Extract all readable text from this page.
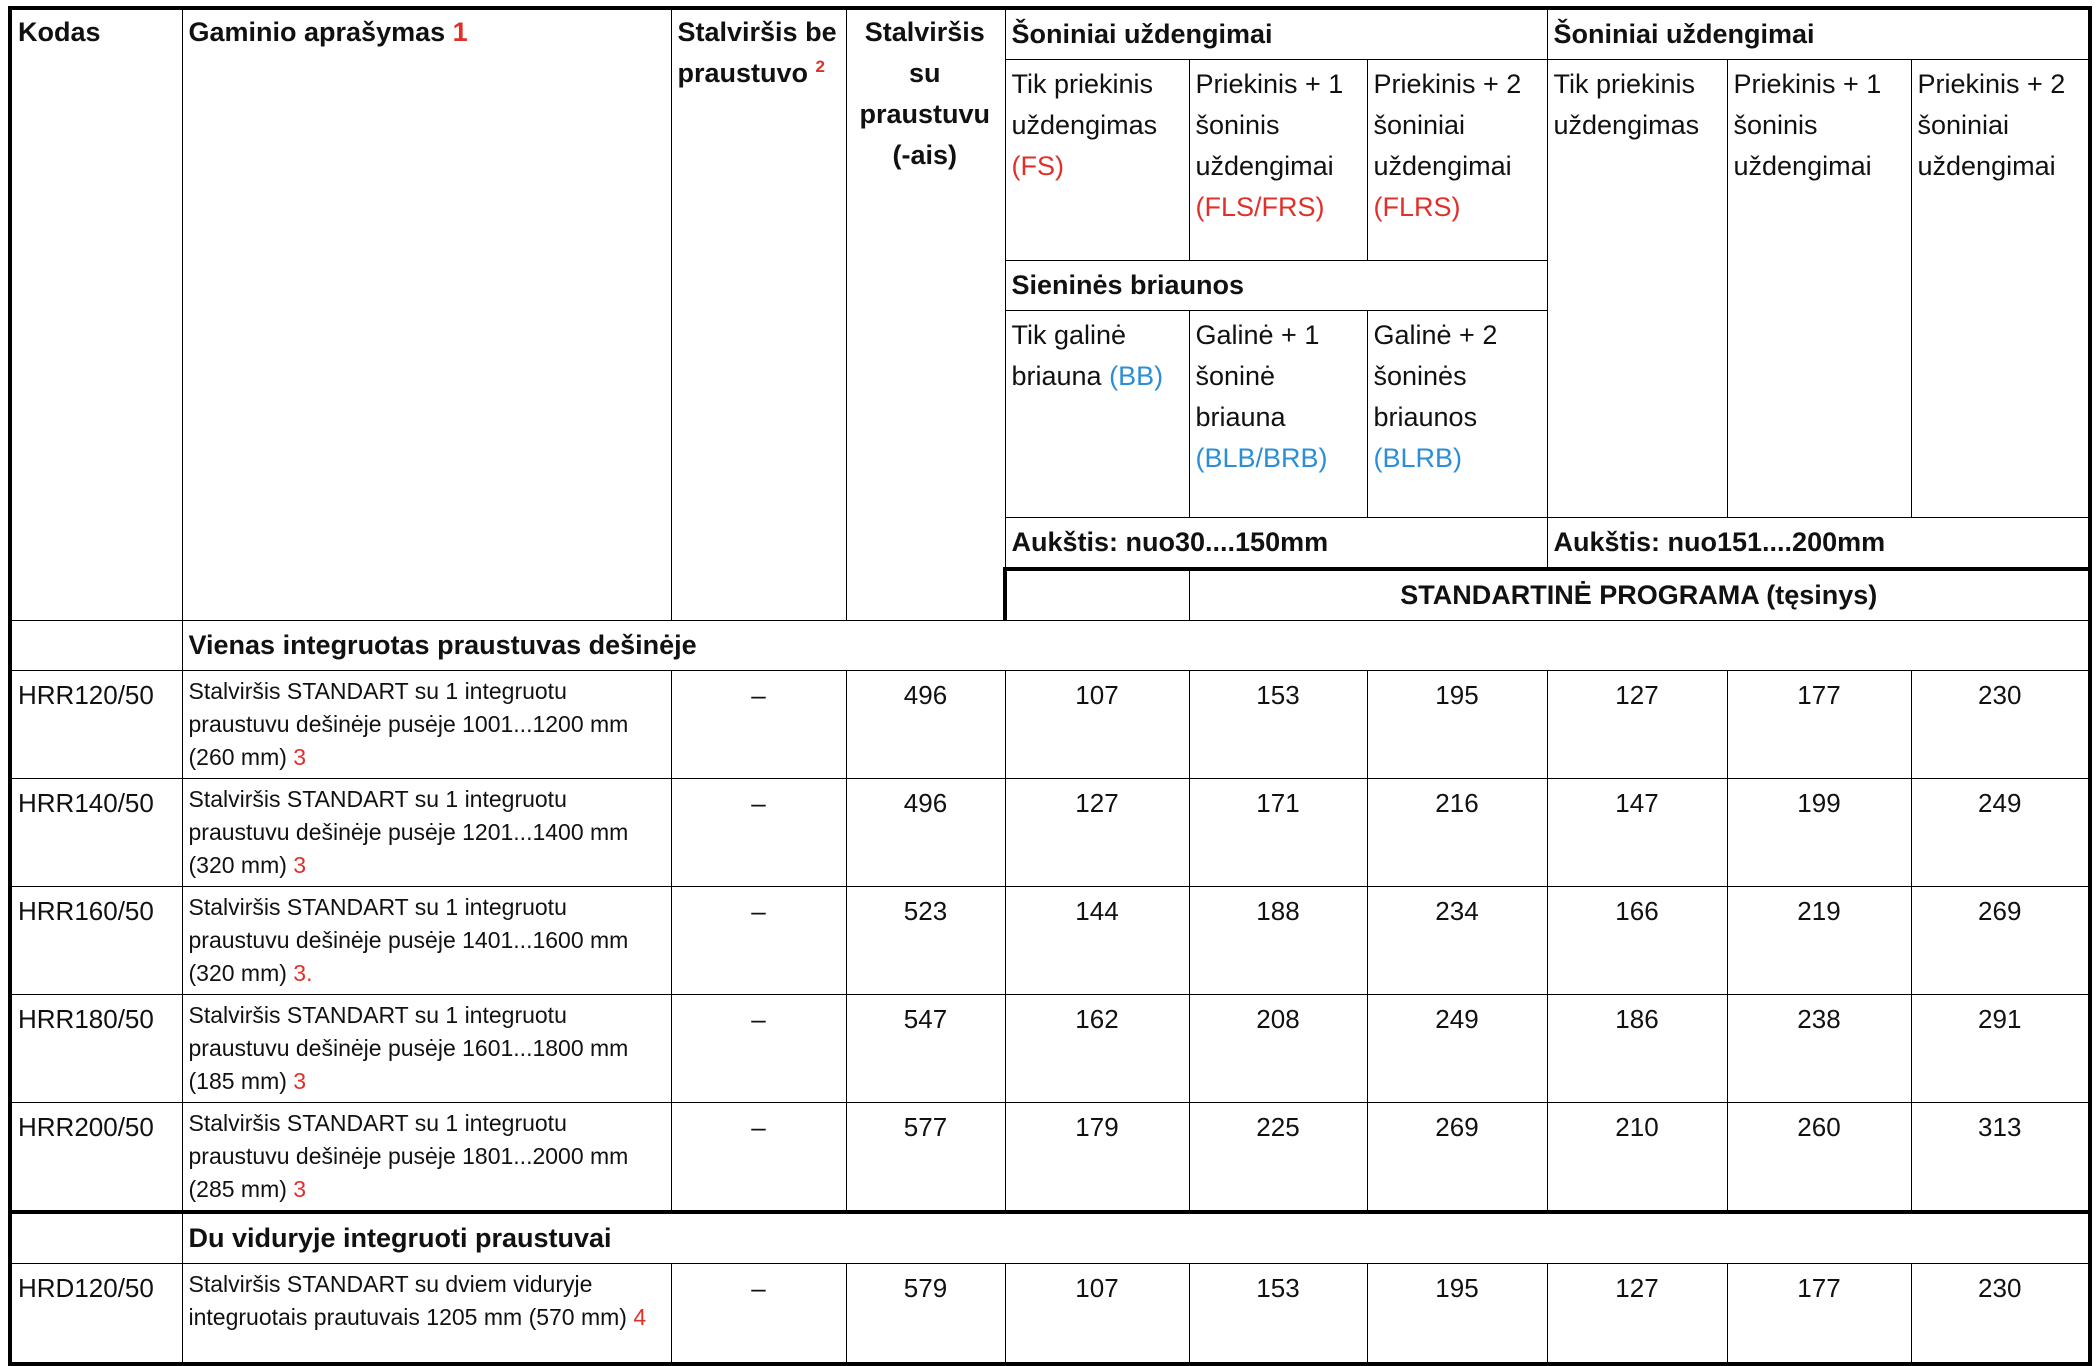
Kodas	Gaminio aprašymas 1	Stalviršis be praustuvo $^2$	Stalviršis su praustuvu (-ais)	Šoniniai uždengimai			Šoniniai uždengimai		
				Tik priekinis uždengimas (FS)	Priekinis + 1 šoninis uždengimai (FLS/FRS)	Priekinis + 2 šoniniai uždengimai (FLRS)	Tik priekinis uždengimas	Priekinis + 1 šoninis uždengimai	Priekinis + 2 šoniniai uždengimai
				Sieninės briaunos					
				Tik galinė briauna (BB)	Galinė + 1 šoninė briauna (BLB/BRB)	Galinė + 2 šoninės briaunos (BLRB)			
				Aukštis: nuo30....150mm			Aukštis: nuo151....200mm		
					STANDARTINĖ PROGRAMA (tęsinys)				
	Vienas integruotas praustuvas dešinėje								
HRR120/50	Stalviršis STANDART su 1 integruotu praustuvu dešinėje pusėje 1001...1200 mm (260 mm) 3	–	496	107	153	195	127	177	230
HRR140/50	Stalviršis STANDART su 1 integruotu praustuvu dešinėje pusėje 1201...1400 mm (320 mm) 3	–	496	127	171	216	147	199	249
HRR160/50	Stalviršis STANDART su 1 integruotu praustuvu dešinėje pusėje 1401...1600 mm (320 mm) 3.	–	523	144	188	234	166	219	269
HRR180/50	Stalviršis STANDART su 1 integruotu praustuvu dešinėje pusėje 1601...1800 mm (185 mm) 3	–	547	162	208	249	186	238	291
HRR200/50	Stalviršis STANDART su 1 integruotu praustuvu dešinėje pusėje 1801...2000 mm (285 mm) 3	–	577	179	225	269	210	260	313
	Du viduryje integruoti praustuvai								
HRD120/50	Stalviršis STANDART su dviem viduryje integruotais prautuvais 1205 mm (570 mm) 4	–	579	107	153	195	127	177	230
